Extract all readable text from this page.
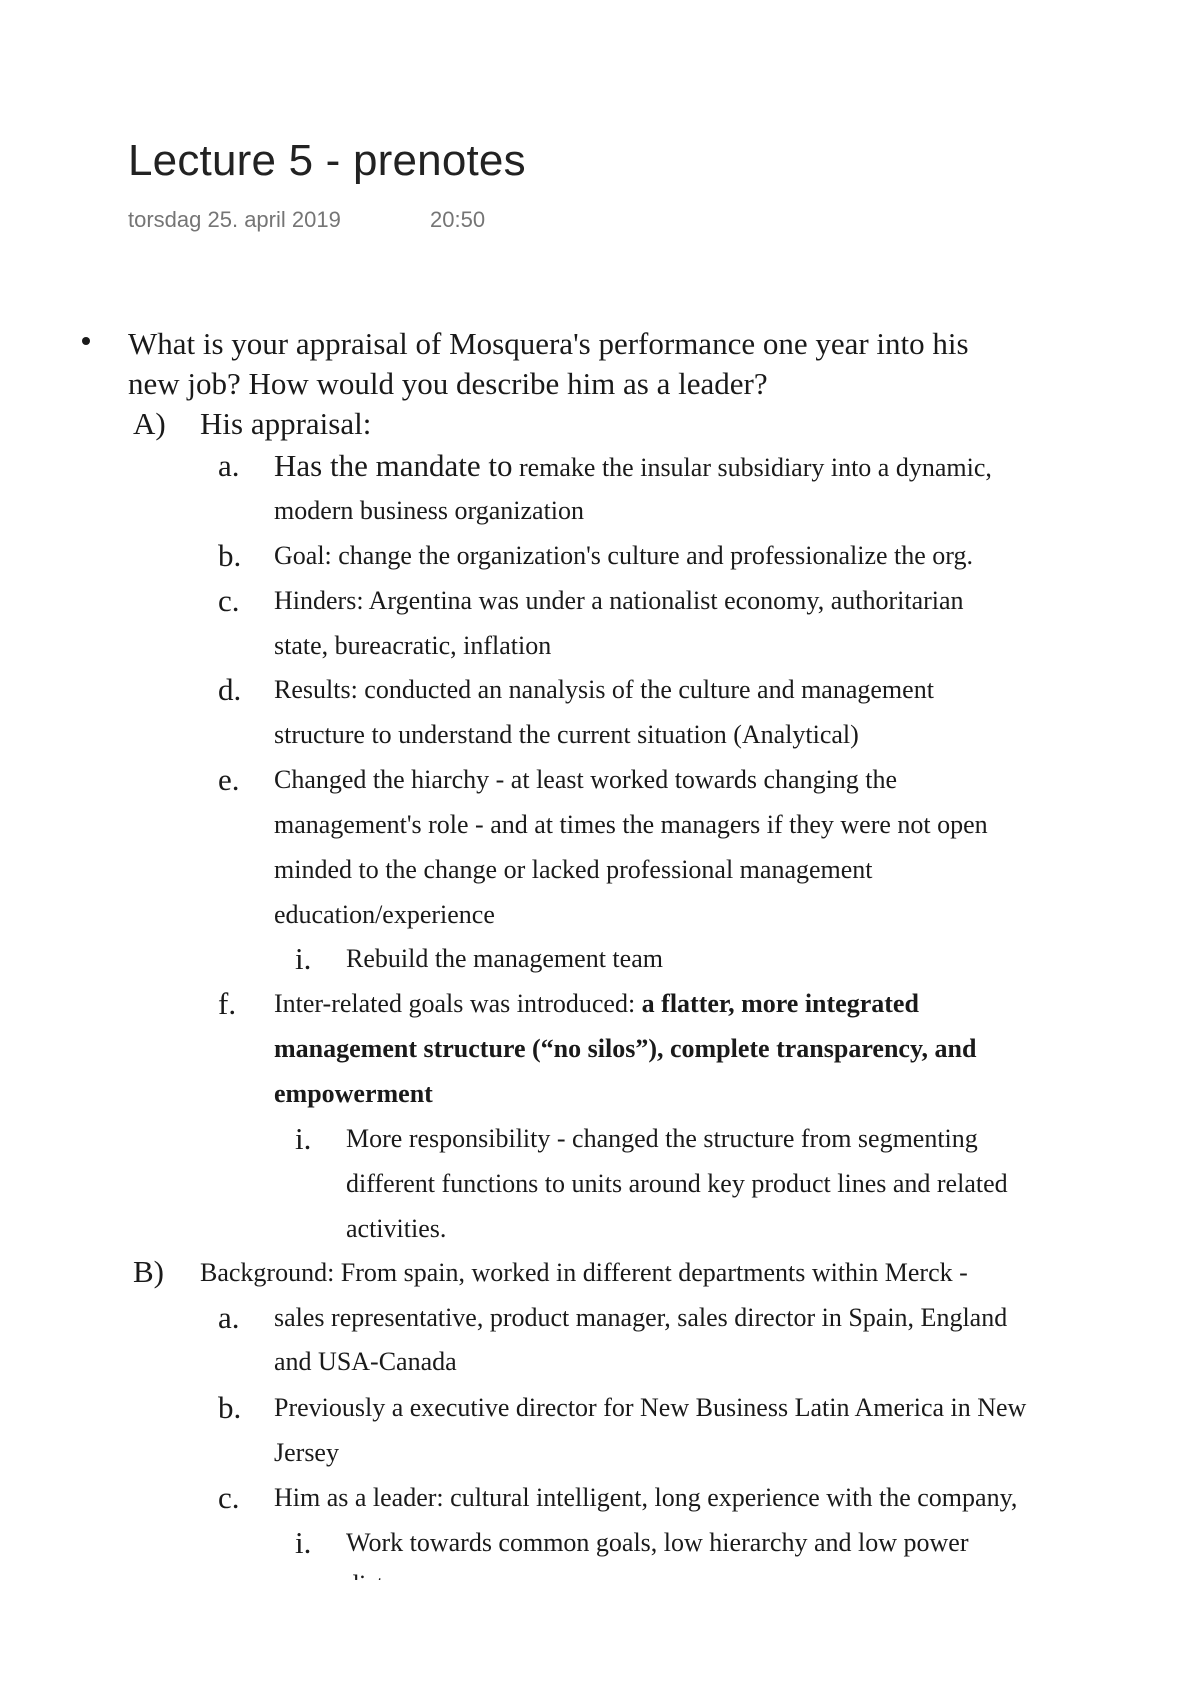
Lecture 5 - prenotes
torsdag 25. april 2019	20:50
What is your appraisal of Mosquera's performance one year into his
new job? How would you describe him as a leader?
A) His appraisal:
a. Has the mandate to remake the insular subsidiary into a dynamic,
modern business organization
b. Goal: change the organization's culture and professionalize the org.
c. Hinders: Argentina was under a nationalist economy, authoritarian
state, bureacratic, inflation
d. Results: conducted an nanalysis of the culture and management
structure to understand the current situation (Analytical)
e. Changed the hiarchy - at least worked towards changing the
management's role - and at times the managers if they were not open
minded to the change or lacked professional management
education/experience
i. Rebuild the management team
f. Inter-related goals was introduced: a flatter, more integrated
management structure (“no silos”), complete transparency, and
empowerment
i. More responsibility - changed the structure from segmenting
different functions to units around key product lines and related
activities.
B) Background: From spain, worked in different departments within Merck -
a. sales representative, product manager, sales director in Spain, England
and USA-Canada
b. Previously a executive director for New Business Latin America in New
Jersey
c. Him as a leader: cultural intelligent, long experience with the company,
i. Work towards common goals, low hierarchy and low power
